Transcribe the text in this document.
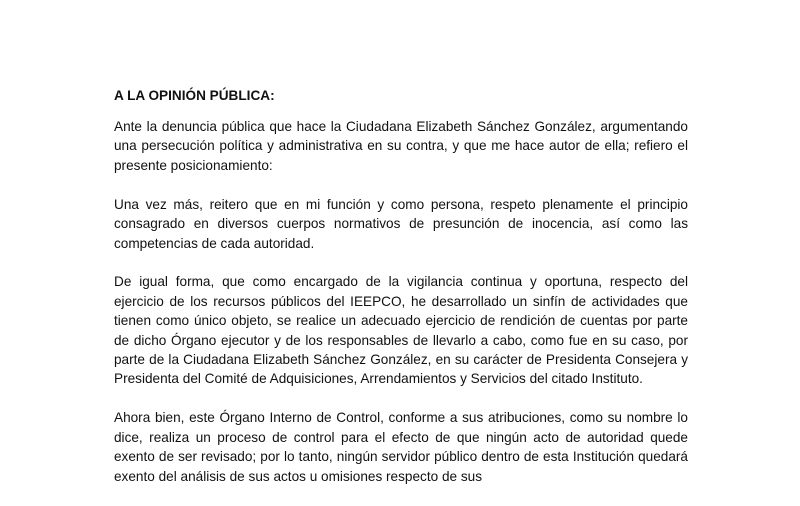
A LA OPINIÓN PÚBLICA:

Ante la denuncia pública que hace la Ciudadana Elizabeth Sánchez González, argumentando una persecución política y administrativa en su contra, y que me hace autor de ella; refiero el presente posicionamiento:

Una vez más, reitero que en mi función y como persona, respeto plenamente el principio consagrado en diversos cuerpos normativos de presunción de inocencia, así como las competencias de cada autoridad.

De igual forma, que como encargado de la vigilancia continua y oportuna, respecto del ejercicio de los recursos públicos del IEEPCO, he desarrollado un sinfín de actividades que tienen como único objeto, se realice un adecuado ejercicio de rendición de cuentas por parte de dicho Órgano ejecutor y de los responsables de llevarlo a cabo, como fue en su caso, por parte de la Ciudadana Elizabeth Sánchez González, en su carácter de Presidenta Consejera y Presidenta del Comité de Adquisiciones, Arrendamientos y Servicios del citado Instituto.

Ahora bien, este Órgano Interno de Control, conforme a sus atribuciones, como su nombre lo dice, realiza un proceso de control para el efecto de que ningún acto de autoridad quede exento de ser revisado; por lo tanto, ningún servidor público dentro de esta Institución quedará exento del análisis de sus actos u omisiones respecto de sus
